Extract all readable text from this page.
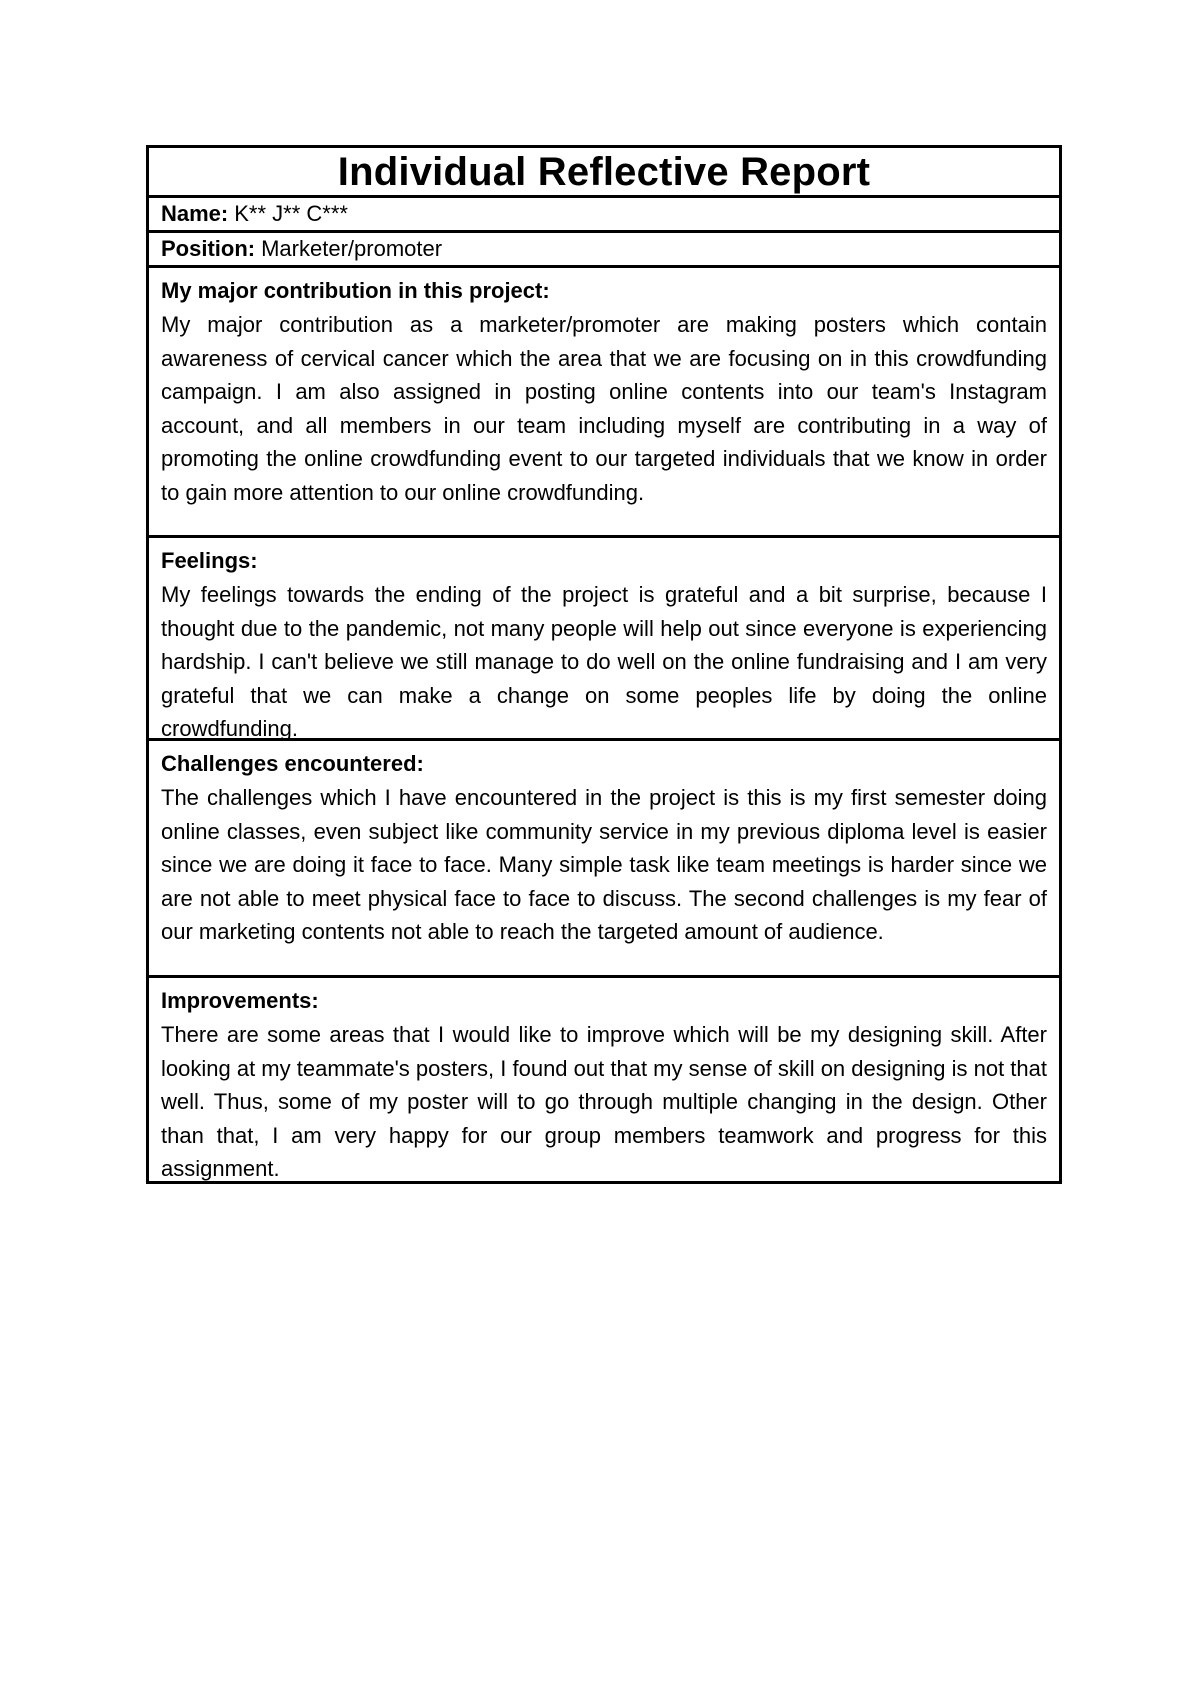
Individual Reflective Report
Name: K** J** C***
Position: Marketer/promoter
My major contribution in this project:

My major contribution as a marketer/promoter are making posters which contain awareness of cervical cancer which the area that we are focusing on in this crowdfunding campaign. I am also assigned in posting online contents into our team's Instagram account, and all members in our team including myself are contributing in a way of promoting the online crowdfunding event to our targeted individuals that we know in order to gain more attention to our online crowdfunding.

Feelings:

My feelings towards the ending of the project is grateful and a bit surprise, because I thought due to the pandemic, not many people will help out since everyone is experiencing hardship. I can't believe we still manage to do well on the online fundraising and I am very grateful that we can make a change on some peoples life by doing the online crowdfunding.

Challenges encountered:

The challenges which I have encountered in the project is this is my first semester doing online classes, even subject like community service in my previous diploma level is easier since we are doing it face to face. Many simple task like team meetings is harder since we are not able to meet physical face to face to discuss. The second challenges is my fear of our marketing contents not able to reach the targeted amount of audience.

Improvements:

There are some areas that I would like to improve which will be my designing skill. After looking at my teammate's posters, I found out that my sense of skill on designing is not that well. Thus, some of my poster will to go through multiple changing in the design. Other than that, I am very happy for our group members teamwork and progress for this assignment.
